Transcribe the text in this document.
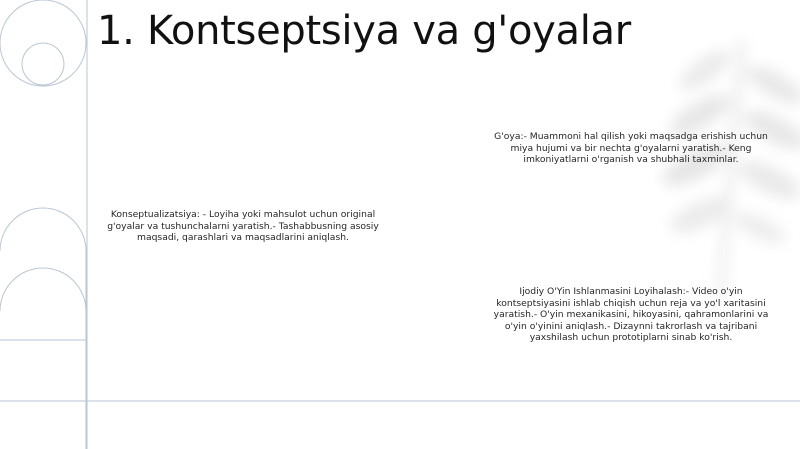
1. Kontseptsiya va g'oyalar

G'oya:- Muammoni hal qilish yoki maqsadga erishish uchun

miya hujumi va bir nechta g'oyalarni yaratish.- Keng

imkoniyatlarni o'rganish va shubhali taxminlar.

Konseptualizatsiya: - Loyiha yoki mahsulot uchun original

g'oyalar va tushunchalarni yaratish.- Tashabbusning asosiy

maqsadi, qarashlari va maqsadlarini aniqlash.

Ijodiy O'Yin Ishlanmasini Loyihalash:- Video o'yin

kontseptsiyasini ishlab chiqish uchun reja va yo'l xaritasini

yaratish.- O'yin mexanikasini, hikoyasini, qahramonlarini va

o'yin o'yinini aniqlash.- Dizaynni takrorlash va tajribani

yaxshilash uchun prototiplarni sinab ko'rish.
